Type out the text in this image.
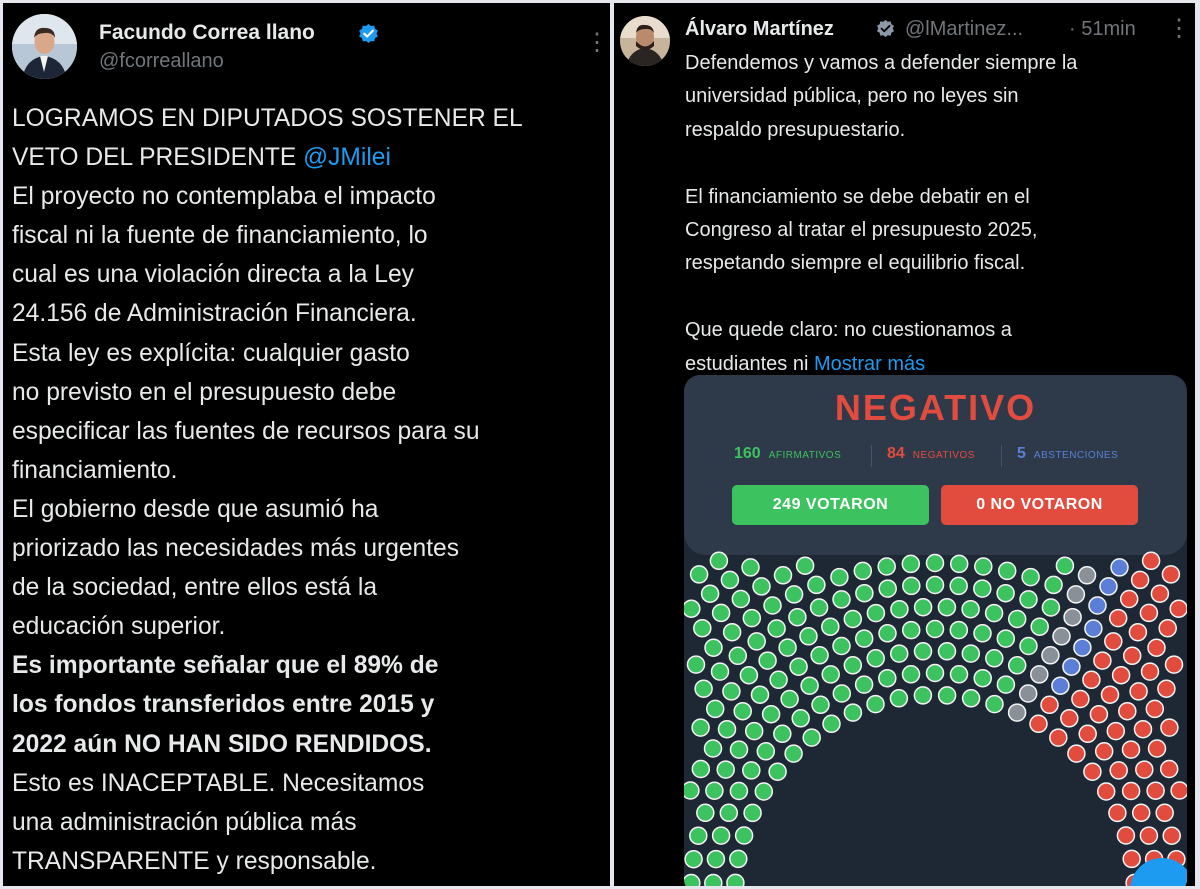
Facundo Correa llano
@fcorreallano
⋮
LOGRAMOS EN DIPUTADOS SOSTENER EL
VETO DEL PRESIDENTE @JMilei
El proyecto no contemplaba el impacto
fiscal ni la fuente de financiamiento, lo
cual es una violación directa a la Ley
24.156 de Administración Financiera.
Esta ley es explícita: cualquier gasto
no previsto en el presupuesto debe
especificar las fuentes de recursos para su
financiamiento.
El gobierno desde que asumió ha
priorizado las necesidades más urgentes
de la sociedad, entre ellos está la
educación superior.
Es importante señalar que el 89% de
los fondos transferidos entre 2015 y
2022 aún NO HAN SIDO RENDIDOS.
Esto es INACEPTABLE. Necesitamos
una administración pública más
TRANSPARENTE y responsable.
Álvaro Martínez	@lMartinez... · 51min ⋮
Defendemos y vamos a defender siempre la
universidad pública, pero no leyes sin
respaldo presupuestario.

El financiamiento se debe debatir en el
Congreso al tratar el presupuesto 2025,
respetando siempre el equilibrio fiscal.

Que quede claro: no cuestionamos a
estudiantes ni Mostrar más
NEGATIVO
160 AFIRMATIVOS	84 NEGATIVOS	5 ABSTENCIONES
249 VOTARON	0 NO VOTARON
